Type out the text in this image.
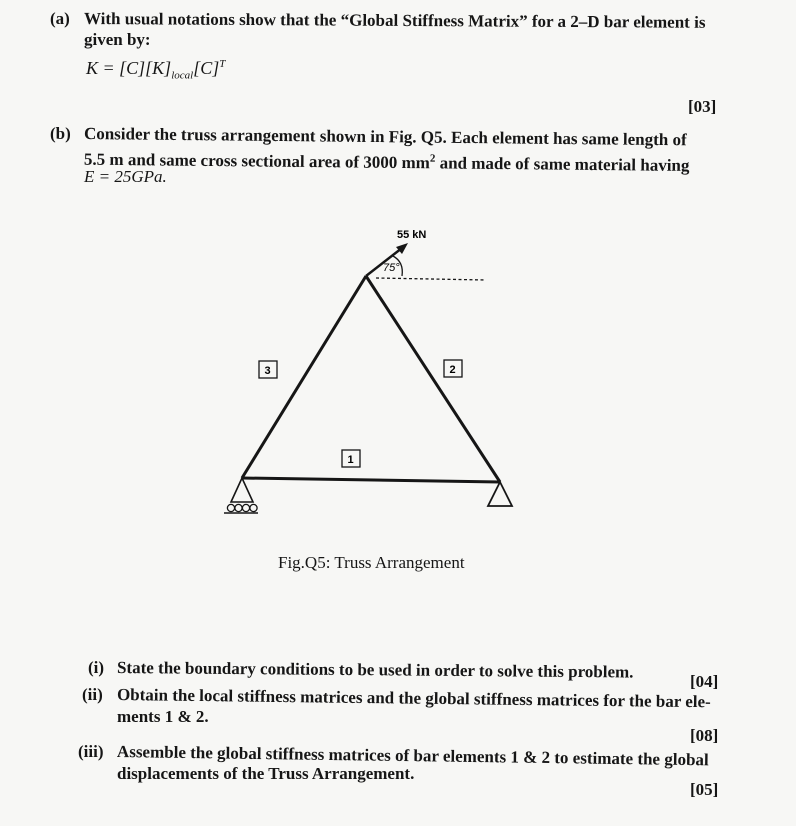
(a) With usual notations show that the “Global Stiffness Matrix” for a 2–D bar element is
given by:
$K = [C][K]_{local}[C]^T$
[03]
(b) Consider the truss arrangement shown in Fig. Q5. Each element has same length of
5.5 m and same cross sectional area of 3000 $mm^2$ and made of same material having
E = 25GPa.
55 kN
75°
3	2
1
Fig.Q5: Truss Arrangement
(i) State the boundary conditions to be used in order to solve this problem.	[04]
(ii) Obtain the local stiffness matrices and the global stiffness matrices for the bar ele-
ments 1 & 2.
[08]
(iii) Assemble the global stiffness matrices of bar elements 1 & 2 to estimate the global
displacements of the Truss Arrangement.
[05]
